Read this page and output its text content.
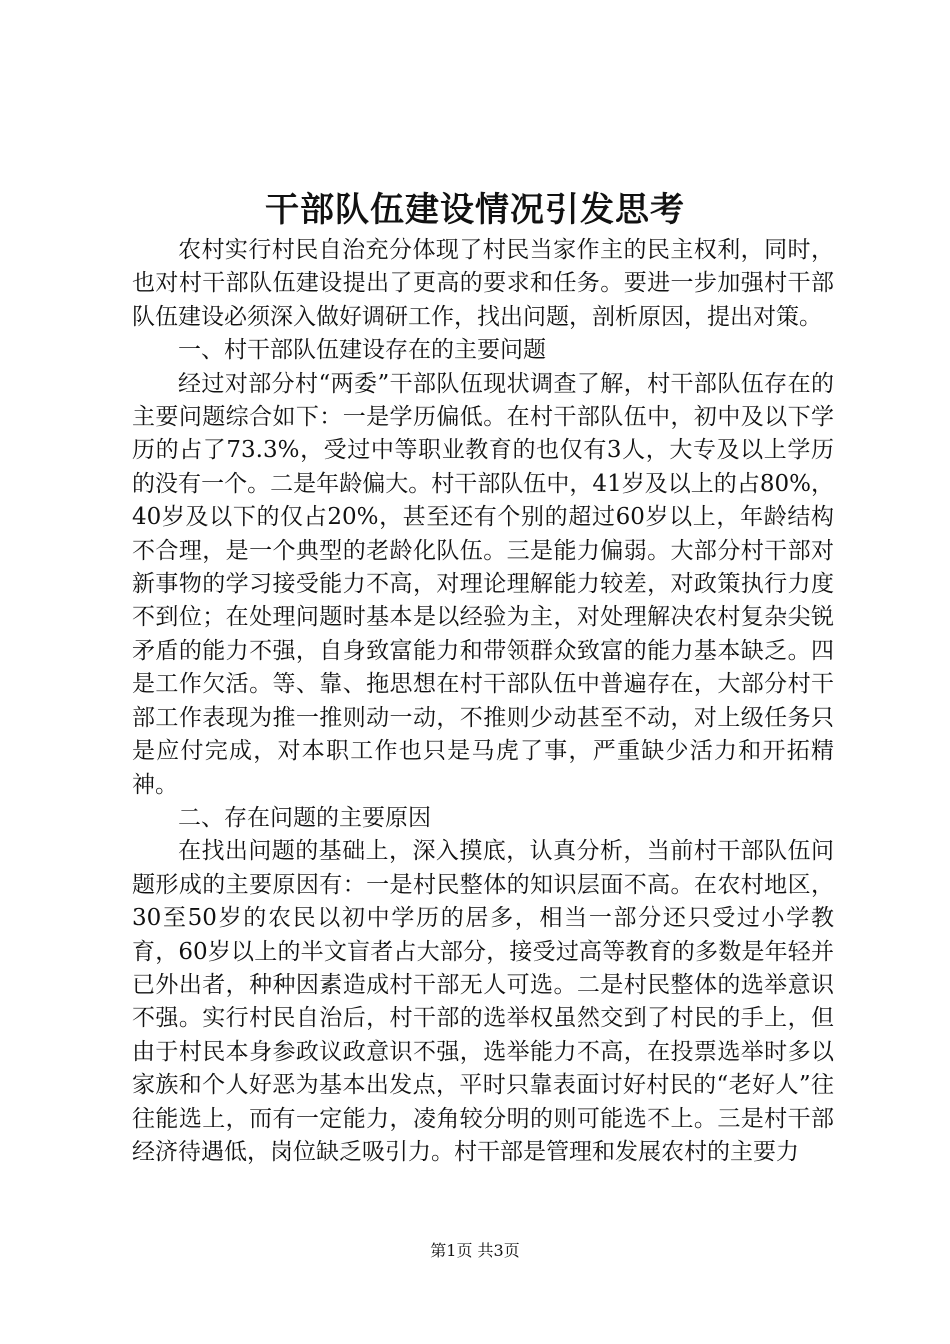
干部队伍建设情况引发思考

农村实行村民自治充分体现了村民当家作主的民主权利，同时，也对村干部队伍建设提出了更高的要求和任务。要进一步加强村干部队伍建设必须深入做好调研工作，找出问题，剖析原因，提出对策。

一、村干部队伍建设存在的主要问题

经过对部分村“两委”干部队伍现状调查了解，村干部队伍存在的主要问题综合如下：一是学历偏低。在村干部队伍中，初中及以下学历的占了73.3%，受过中等职业教育的也仅有3人，大专及以上学历的没有一个。二是年龄偏大。村干部队伍中，41岁及以上的占80%，40岁及以下的仅占20%，甚至还有个别的超过60岁以上，年龄结构不合理，是一个典型的老龄化队伍。三是能力偏弱。大部分村干部对新事物的学习接受能力不高，对理论理解能力较差，对政策执行力度不到位；在处理问题时基本是以经验为主，对处理解决农村复杂尖锐矛盾的能力不强，自身致富能力和带领群众致富的能力基本缺乏。四是工作欠活。等、靠、拖思想在村干部队伍中普遍存在，大部分村干部工作表现为推一推则动一动，不推则少动甚至不动，对上级任务只是应付完成，对本职工作也只是马虎了事，严重缺少活力和开拓精神。

二、存在问题的主要原因

在找出问题的基础上，深入摸底，认真分析，当前村干部队伍问题形成的主要原因有：一是村民整体的知识层面不高。在农村地区，30至50岁的农民以初中学历的居多，相当一部分还只受过小学教育，60岁以上的半文盲者占大部分，接受过高等教育的多数是年轻并已外出者，种种因素造成村干部无人可选。二是村民整体的选举意识不强。实行村民自治后，村干部的选举权虽然交到了村民的手上，但由于村民本身参政议政意识不强，选举能力不高，在投票选举时多以家族和个人好恶为基本出发点，平时只靠表面讨好村民的“老好人”往往能选上，而有一定能力，凌角较分明的则可能选不上。三是村干部经济待遇低，岗位缺乏吸引力。村干部是管理和发展农村的主要力

第1页 共3页
